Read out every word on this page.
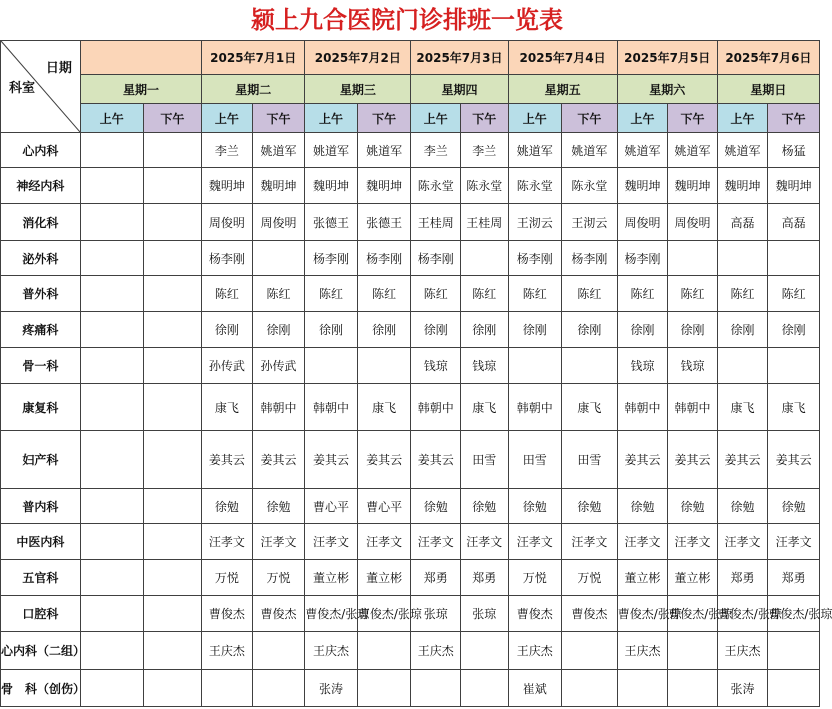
颍上九合医院门诊排班一览表
日期
科室			2025年7月1日		2025年7月2日		2025年7月3日		2025年7月4日		2025年7月5日		2025年7月6日	
	星期一		星期二		星期三		星期四		星期五		星期六		星期日	
	上午	下午	上午	下午	上午	下午	上午	下午	上午	下午	上午	下午	上午	下午
心内科			李兰	姚道军	姚道军	姚道军	李兰	李兰	姚道军	姚道军	姚道军	姚道军	姚道军	杨猛
神经内科			魏明坤	魏明坤	魏明坤	魏明坤	陈永堂	陈永堂	陈永堂	陈永堂	魏明坤	魏明坤	魏明坤	魏明坤
消化科			周俊明	周俊明	张德王	张德王	王桂周	王桂周	王沏云	王沏云	周俊明	周俊明	高磊	高磊
泌外科			杨李刚		杨李刚	杨李刚	杨李刚		杨李刚	杨李刚	杨李刚			
普外科			陈红	陈红	陈红	陈红	陈红	陈红	陈红	陈红	陈红	陈红	陈红	陈红
疼痛科			徐刚	徐刚	徐刚	徐刚	徐刚	徐刚	徐刚	徐刚	徐刚	徐刚	徐刚	徐刚
骨一科			孙传武	孙传武			钱琼	钱琼			钱琼	钱琼		
康复科			康飞	韩朝中	韩朝中	康飞	韩朝中	康飞	韩朝中	康飞	韩朝中	韩朝中	康飞	康飞
妇产科			姜其云	姜其云	姜其云	姜其云	姜其云	田雪	田雪	田雪	姜其云	姜其云	姜其云	姜其云
普内科			徐勉	徐勉	曹心平	曹心平	徐勉	徐勉	徐勉	徐勉	徐勉	徐勉	徐勉	徐勉
中医内科			汪孝文	汪孝文	汪孝文	汪孝文	汪孝文	汪孝文	汪孝文	汪孝文	汪孝文	汪孝文	汪孝文	汪孝文
五官科			万悦	万悦	董立彬	董立彬	郑勇	郑勇	万悦	万悦	董立彬	董立彬	郑勇	郑勇
口腔科			曹俊杰	曹俊杰	曹俊杰/张琼	曹俊杰/张琼	张琼	张琼	曹俊杰	曹俊杰	曹俊杰/张琼	曹俊杰/张琼	曹俊杰/张琼	曹俊杰/张琼
心内科（二组）			王庆杰		王庆杰		王庆杰		王庆杰		王庆杰		王庆杰	
骨　科（创伤）					张涛				崔斌				张涛	
